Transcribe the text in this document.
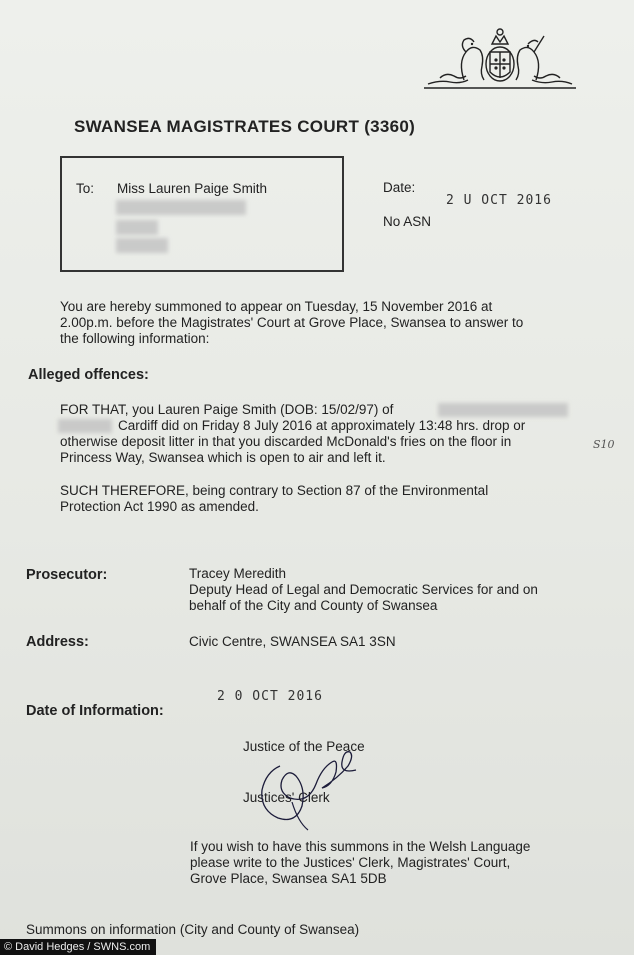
SWANSEA MAGISTRATES COURT (3360)
To: Miss Lauren Paige Smith	Date:
2 U OCT 2016
No ASN
You are hereby summoned to appear on Tuesday, 15 November 2016 at
2.00p.m. before the Magistrates' Court at Grove Place, Swansea to answer to
the following information:
Alleged offences:
FOR THAT, you Lauren Paige Smith (DOB: 15/02/97) of
Cardiff did on Friday 8 July 2016 at approximately 13:48 hrs. drop or
otherwise deposit litter in that you discarded McDonald's fries on the floor in
Princess Way, Swansea which is open to air and left it.
S10
SUCH THEREFORE, being contrary to Section 87 of the Environmental
Protection Act 1990 as amended.
Prosecutor:	Tracey Meredith
Deputy Head of Legal and Democratic Services for and on
behalf of the City and County of Swansea
Address:	Civic Centre, SWANSEA SA1 3SN
2 0 OCT 2016
Date of Information:
Justice of the Peace
Justices' Clerk
If you wish to have this summons in the Welsh Language
please write to the Justices' Clerk, Magistrates' Court,
Grove Place, Swansea SA1 5DB
Summons on information (City and County of Swansea)
© David Hedges / SWNS.com
